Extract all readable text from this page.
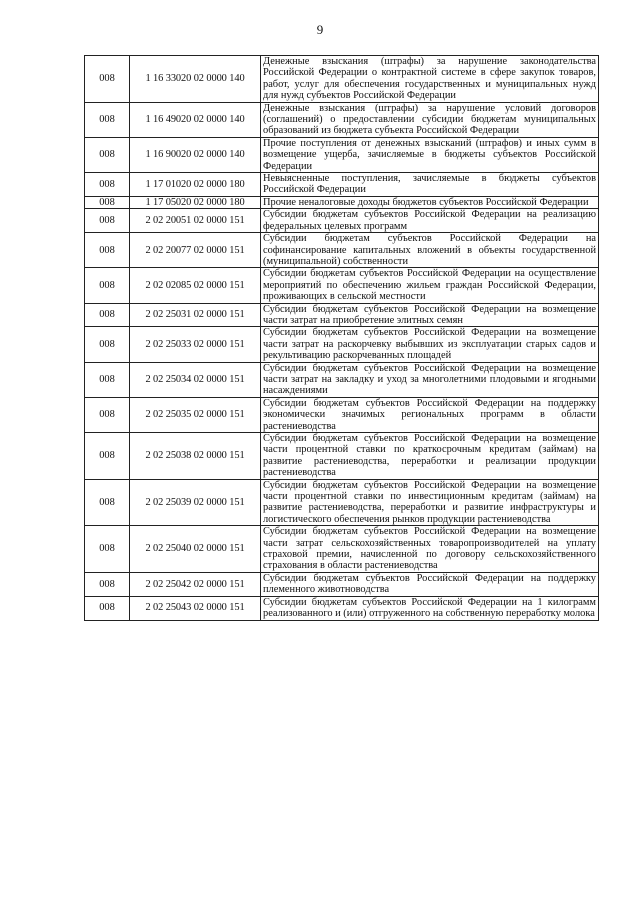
9
008	1 16 33020 02 0000 140	Денежные взыскания (штрафы) за нарушение законодательства Российской Федерации о контрактной системе в сфере закупок товаров, работ, услуг для обеспечения государственных и муниципальных нужд для нужд субъектов Российской Федерации
008	1 16 49020 02 0000 140	Денежные взыскания (штрафы) за нарушение условий договоров (соглашений) о предоставлении субсидии бюджетам муниципальных образований из бюджета субъекта Российской Федерации
008	1 16 90020 02 0000 140	Прочие поступления от денежных взысканий (штрафов) и иных сумм в возмещение ущерба, зачисляемые в бюджеты субъектов Российской Федерации
008	1 17 01020 02 0000 180	Невыясненные поступления, зачисляемые в бюджеты субъектов Российской Федерации
008	1 17 05020 02 0000 180	Прочие неналоговые доходы бюджетов субъектов Российской Федерации
008	2 02 20051 02 0000 151	Субсидии бюджетам субъектов Российской Федерации на реализацию федеральных целевых программ
008	2 02 20077 02 0000 151	Субсидии бюджетам субъектов Российской Федерации на софинансирование капитальных вложений в объекты государственной (муниципальной) собственности
008	2 02 02085 02 0000 151	Субсидии бюджетам субъектов Российской Федерации на осуществление мероприятий по обеспечению жильем граждан Российской Федерации, проживающих в сельской местности
008	2 02 25031 02 0000 151	Субсидии бюджетам субъектов Российской Федерации на возмещение части затрат на приобретение элитных семян
008	2 02 25033 02 0000 151	Субсидии бюджетам субъектов Российской Федерации на возмещение части затрат на раскорчевку выбывших из эксплуатации старых садов и рекультивацию раскорчеванных площадей
008	2 02 25034 02 0000 151	Субсидии бюджетам субъектов Российской Федерации на возмещение части затрат на закладку и уход за многолетними плодовыми и ягодными насаждениями
008	2 02 25035 02 0000 151	Субсидии бюджетам субъектов Российской Федерации на поддержку экономически значимых региональных программ в области растениеводства
008	2 02 25038 02 0000 151	Субсидии бюджетам субъектов Российской Федерации на возмещение части процентной ставки по краткосрочным кредитам (займам) на развитие растениеводства, переработки и реализации продукции растениеводства
008	2 02 25039 02 0000 151	Субсидии бюджетам субъектов Российской Федерации на возмещение части процентной ставки по инвестиционным кредитам (займам) на развитие растениеводства, переработки и развитие инфраструктуры и логистического обеспечения рынков продукции растениеводства
008	2 02 25040 02 0000 151	Субсидии бюджетам субъектов Российской Федерации на возмещение части затрат сельскохозяйственных товаропроизводителей на уплату страховой премии, начисленной по договору сельскохозяйственного страхования в области растениеводства
008	2 02 25042 02 0000 151	Субсидии бюджетам субъектов Российской Федерации на поддержку племенного животноводства
008	2 02 25043 02 0000 151	Субсидии бюджетам субъектов Российской Федерации на 1 килограмм реализованного и (или) отгруженного на собственную переработку молока
